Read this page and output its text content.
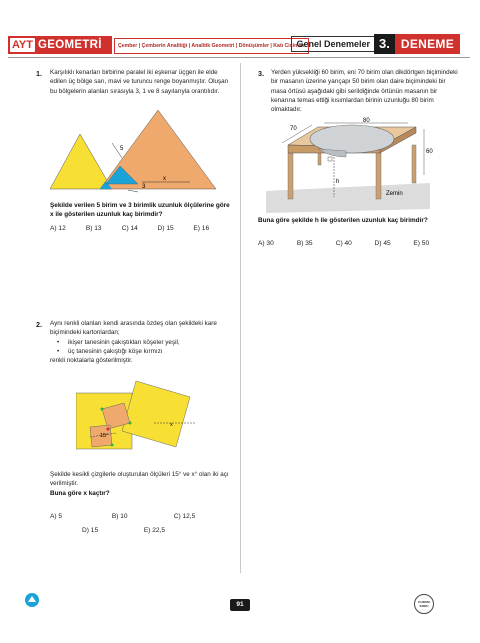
AYT GEOMETRİ	Çember | Çemberin Analitiği | Analitik Geometri | Dönüşümler | Katı Cisimler
Genel Denemeler 3. DENEME
1. Karşılıklı kenarları birbirine paralel iki eşkenar üçgen ile elde edilen üç bölge sarı, mavi ve turuncu renge boyanmıştır. Oluşan bu bölgelerin alanları sırasıyla 3, 1 ve 8 sayılarıyla orantılıdır.
5
3
x
Şekilde verilen 5 birim ve 3 birimlik uzunluk ölçülerine göre x ile gösterilen uzunluk kaç birimdir?
A) 12	B) 13	C) 14	D) 15	E) 16
3. Yerden yüksekliği 60 birim, eni 70 birim olan dikdörtgen biçimindeki bir masanın üzerine yarıçapı 50 birim olan daire biçimindeki bir masa örtüsü aşağıdaki gibi serildiğinde örtünün masanın bir kenarına temas ettiği kısımlardan birinin uzunluğu 80 birim olmaktadır.
80
70
60
h
Zemin
Buna göre şekilde h ile gösterilen uzunluk kaç birimdir?
A) 30	B) 35	C) 40	D) 45	E) 50
2. Aynı renkli olanları kendi arasında özdeş olan şekildeki kare biçimindeki kartonlardan;
• ikişer tanesinin çakıştıkları köşeler yeşil,
• üç tanesinin çakıştığı köşe kırmızı
renkli noktalarla gösterilmiştir.
15°
x
Şekilde kesikli çizgilerle oluşturulan ölçüleri 15° ve x° olan iki açı verilmiştir.
Buna göre x kaçtır?
A) 5	B) 10	C) 12,5
D) 15	E) 22,5
91	KURUM KODU
